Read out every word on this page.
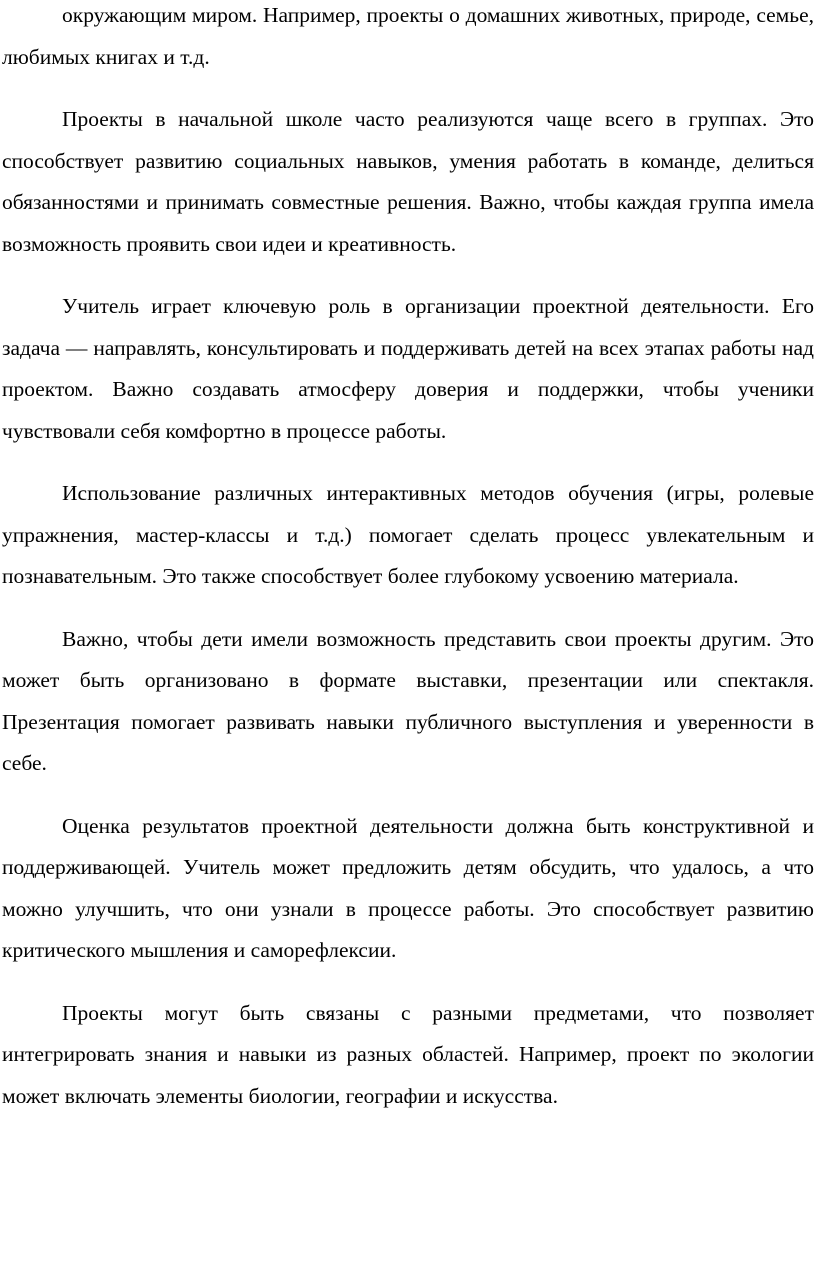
окружающим миром. Например, проекты о домашних животных, природе, семье, любимых книгах и т.д.

Проекты в начальной школе часто реализуются чаще всего в группах. Это способствует развитию социальных навыков, умения работать в команде, делиться обязанностями и принимать совместные решения. Важно, чтобы каждая группа имела возможность проявить свои идеи и креативность.

Учитель играет ключевую роль в организации проектной деятельности. Его задача — направлять, консультировать и поддерживать детей на всех этапах работы над проектом. Важно создавать атмосферу доверия и поддержки, чтобы ученики чувствовали себя комфортно в процессе работы.

Использование различных интерактивных методов обучения (игры, ролевые упражнения, мастер-классы и т.д.) помогает сделать процесс увлекательным и познавательным. Это также способствует более глубокому усвоению материала.

Важно, чтобы дети имели возможность представить свои проекты другим. Это может быть организовано в формате выставки, презентации или спектакля. Презентация помогает развивать навыки публичного выступления и уверенности в себе.

Оценка результатов проектной деятельности должна быть конструктивной и поддерживающей. Учитель может предложить детям обсудить, что удалось, а что можно улучшить, что они узнали в процессе работы. Это способствует развитию критического мышления и саморефлексии.

Проекты могут быть связаны с разными предметами, что позволяет интегрировать знания и навыки из разных областей. Например, проект по экологии может включать элементы биологии, географии и искусства.
